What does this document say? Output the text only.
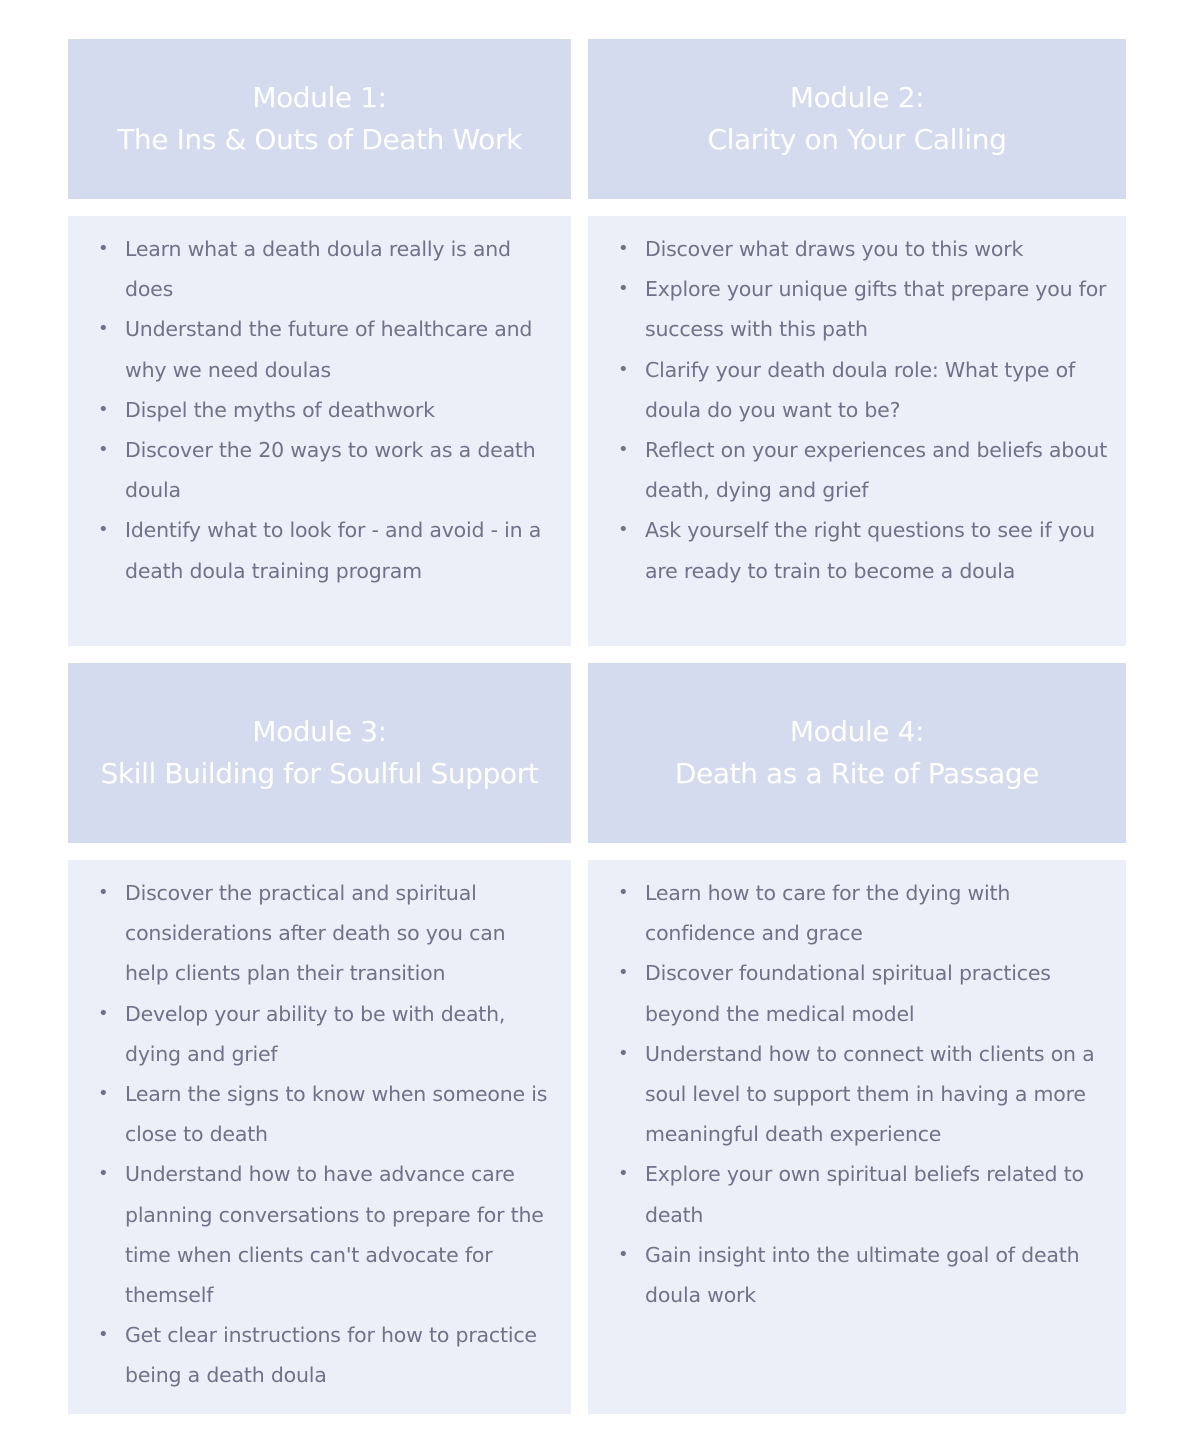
Module 1:
The Ins & Outs of Death Work
Module 2:
Clarity on Your Calling
• Learn what a death doula really is and does
• Understand the future of healthcare and why we need doulas
• Dispel the myths of deathwork
• Discover the 20 ways to work as a death doula
• Identify what to look for - and avoid - in a death doula training program
• Discover what draws you to this work
• Explore your unique gifts that prepare you for success with this path
• Clarify your death doula role: What type of doula do you want to be?
• Reflect on your experiences and beliefs about death, dying and grief
• Ask yourself the right questions to see if you are ready to train to become a doula
Module 3:
Skill Building for Soulful Support
Module 4:
Death as a Rite of Passage
• Discover the practical and spiritual considerations after death so you can help clients plan their transition
• Develop your ability to be with death, dying and grief
• Learn the signs to know when someone is close to death
• Understand how to have advance care planning conversations to prepare for the time when clients can't advocate for themself
• Get clear instructions for how to practice being a death doula
• Learn how to care for the dying with confidence and grace
• Discover foundational spiritual practices beyond the medical model
• Understand how to connect with clients on a soul level to support them in having a more meaningful death experience
• Explore your own spiritual beliefs related to death
• Gain insight into the ultimate goal of death doula work
